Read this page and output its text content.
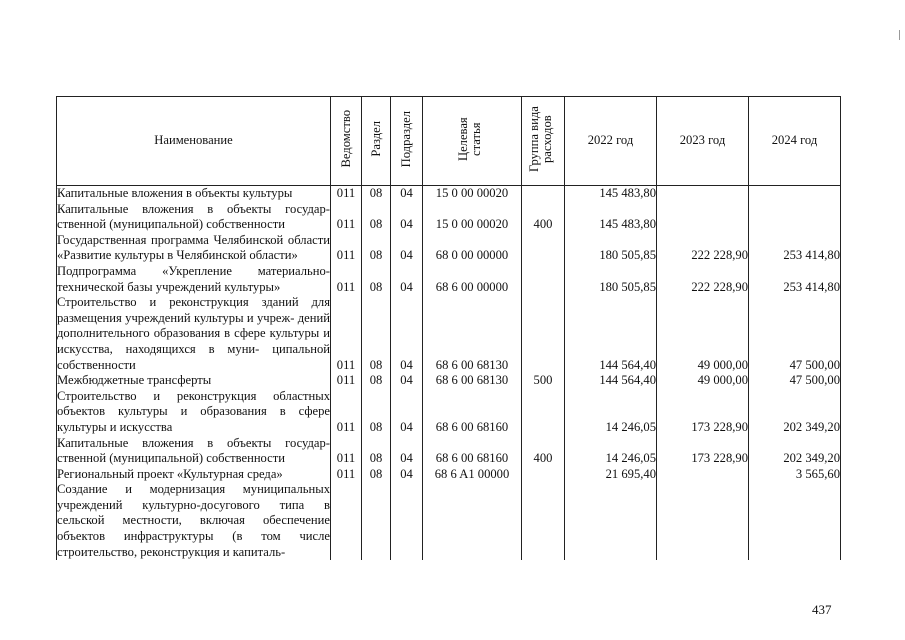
Наименование	Ведомство	Раздел	Подраздел	Целевая статья	Группа вида расходов	2022 год	2023 год	2024 год
Капитальные вложения в объекты культуры	011	08	04	15 0 00 00020		145 483,80		
Капитальные вложения в объекты государ- ственной (муниципальной) собственности	011	08	04	15 0 00 00020	400	145 483,80		
Государственная программа Челябинской области «Развитие культуры в Челябинской области»	011	08	04	68 0 00 00000		180 505,85	222 228,90	253 414,80
Подпрограмма «Укрепление материально- технической базы учреждений культуры»	011	08	04	68 6 00 00000		180 505,85	222 228,90	253 414,80
Строительство и реконструкция зданий для размещения учреждений культуры и учреж- дений дополнительного образования в сфере культуры и искусства, находящихся в муни- ципальной собственности	011	08	04	68 6 00 68130		144 564,40	49 000,00	47 500,00
Межбюджетные трансферты	011	08	04	68 6 00 68130	500	144 564,40	49 000,00	47 500,00
Строительство и реконструкция областных объектов культуры и образования в сфере культуры и искусства	011	08	04	68 6 00 68160		14 246,05	173 228,90	202 349,20
Капитальные вложения в объекты государ- ственной (муниципальной) собственности	011	08	04	68 6 00 68160	400	14 246,05	173 228,90	202 349,20
Региональный проект «Культурная среда»	011	08	04	68 6 A1 00000		21 695,40		3 565,60
Создание и модернизация муниципальных учреждений культурно-досугового типа в сельской местности, включая обеспечение объектов инфраструктуры (в том числе строительство, реконструкция и капиталь-								
437
